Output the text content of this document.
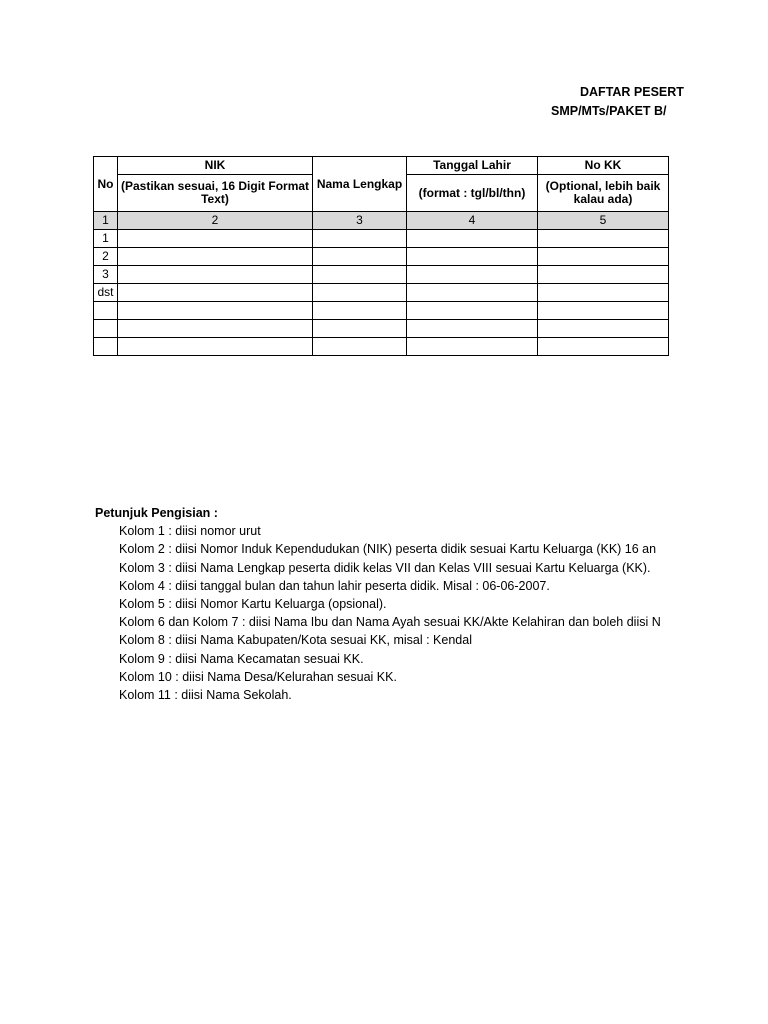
DAFTAR PESERT
SMP/MTs/PAKET B/
No	NIK	Nama Lengkap	Tanggal Lahir	No KK
	(Pastikan sesuai, 16 Digit Format Text)		(format : tgl/bl/thn)	(Optional, lebih baik kalau ada)
1	2	3	4	5
1				
2				
3				
dst				

Petunjuk Pengisian :
Kolom 1 : diisi nomor urut
Kolom 2 : diisi Nomor Induk Kependudukan (NIK) peserta didik sesuai Kartu Keluarga (KK) 16 an
Kolom 3 : diisi Nama Lengkap peserta didik kelas VII dan Kelas VIII sesuai Kartu Keluarga (KK).
Kolom 4 : diisi tanggal bulan dan tahun lahir peserta didik. Misal : 06-06-2007.
Kolom 5 : diisi Nomor Kartu Keluarga (opsional).
Kolom 6 dan Kolom 7 : diisi Nama Ibu dan Nama Ayah sesuai KK/Akte Kelahiran dan boleh diisi N
Kolom 8 : diisi Nama Kabupaten/Kota sesuai KK, misal : Kendal
Kolom 9 : diisi Nama Kecamatan sesuai KK.
Kolom 10 : diisi Nama Desa/Kelurahan sesuai KK.
Kolom 11 : diisi Nama Sekolah.
